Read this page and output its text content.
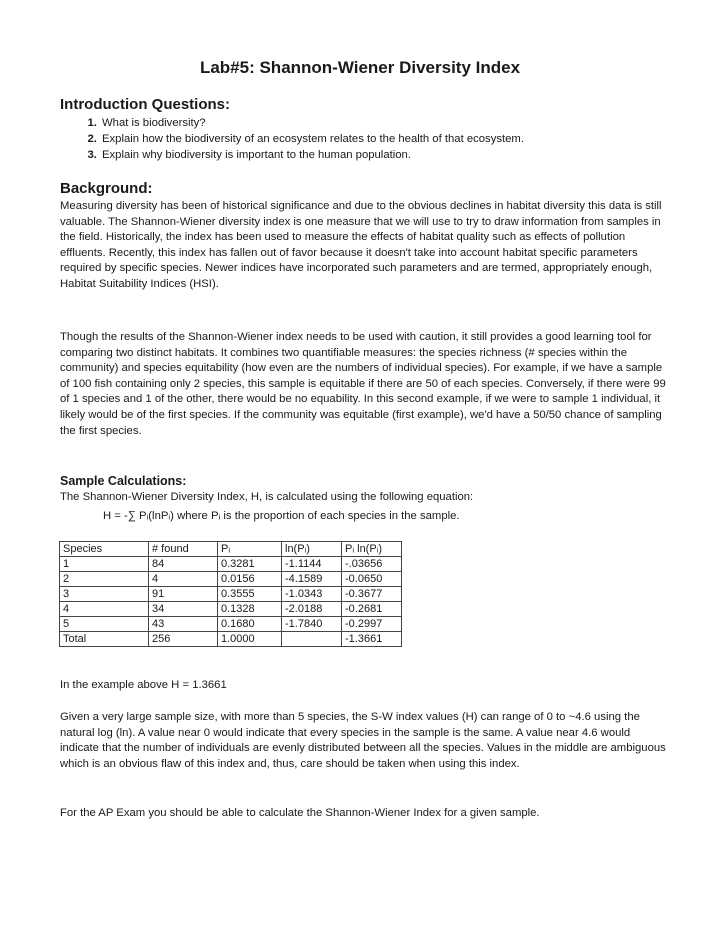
Lab#5: Shannon-Wiener Diversity Index
Introduction Questions:
1. What is biodiversity?
2. Explain how the biodiversity of an ecosystem relates to the health of that ecosystem.
3. Explain why biodiversity is important to the human population.
Background:

Measuring diversity has been of historical significance and due to the obvious declines in habitat diversity this data is still valuable. The Shannon-Wiener diversity index is one measure that we will use to try to draw information from samples in the field. Historically, the index has been used to measure the effects of habitat quality such as effects of pollution effluents. Recently, this index has fallen out of favor because it doesn't take into account habitat specific parameters required by specific species. Newer indices have incorporated such parameters and are termed, appropriately enough, Habitat Suitability Indices (HSI).

Though the results of the Shannon-Wiener index needs to be used with caution, it still provides a good learning tool for comparing two distinct habitats. It combines two quantifiable measures: the species richness (# species within the community) and species equitability (how even are the numbers of individual species). For example, if we have a sample of 100 fish containing only 2 species, this sample is equitable if there are 50 of each species. Conversely, if there were 99 of 1 species and 1 of the other, there would be no equability. In this second example, if we were to sample 1 individual, it likely would be of the first species. If the community was equitable (first example), we'd have a 50/50 chance of sampling the first species.

Sample Calculations:

The Shannon-Wiener Diversity Index, H, is calculated using the following equation:

H = -∑ Pᵢ(lnPᵢ) where Pᵢ is the proportion of each species in the sample.
Species	# found	Pᵢ	ln(Pᵢ)	Pᵢ ln(Pᵢ)
1	84	0.3281	-1.1144	-.03656
2	4	0.0156	-4.1589	-0.0650
3	91	0.3555	-1.0343	-0.3677
4	34	0.1328	-2.0188	-0.2681
5	43	0.1680	-1.7840	-0.2997
Total	256	1.0000		-1.3661

In the example above H = 1.3661

Given a very large sample size, with more than 5 species, the S-W index values (H) can range of 0 to ~4.6 using the natural log (ln). A value near 0 would indicate that every species in the sample is the same. A value near 4.6 would indicate that the number of individuals are evenly distributed between all the species. Values in the middle are ambiguous which is an obvious flaw of this index and, thus, care should be taken when using this index.

For the AP Exam you should be able to calculate the Shannon-Wiener Index for a given sample.
